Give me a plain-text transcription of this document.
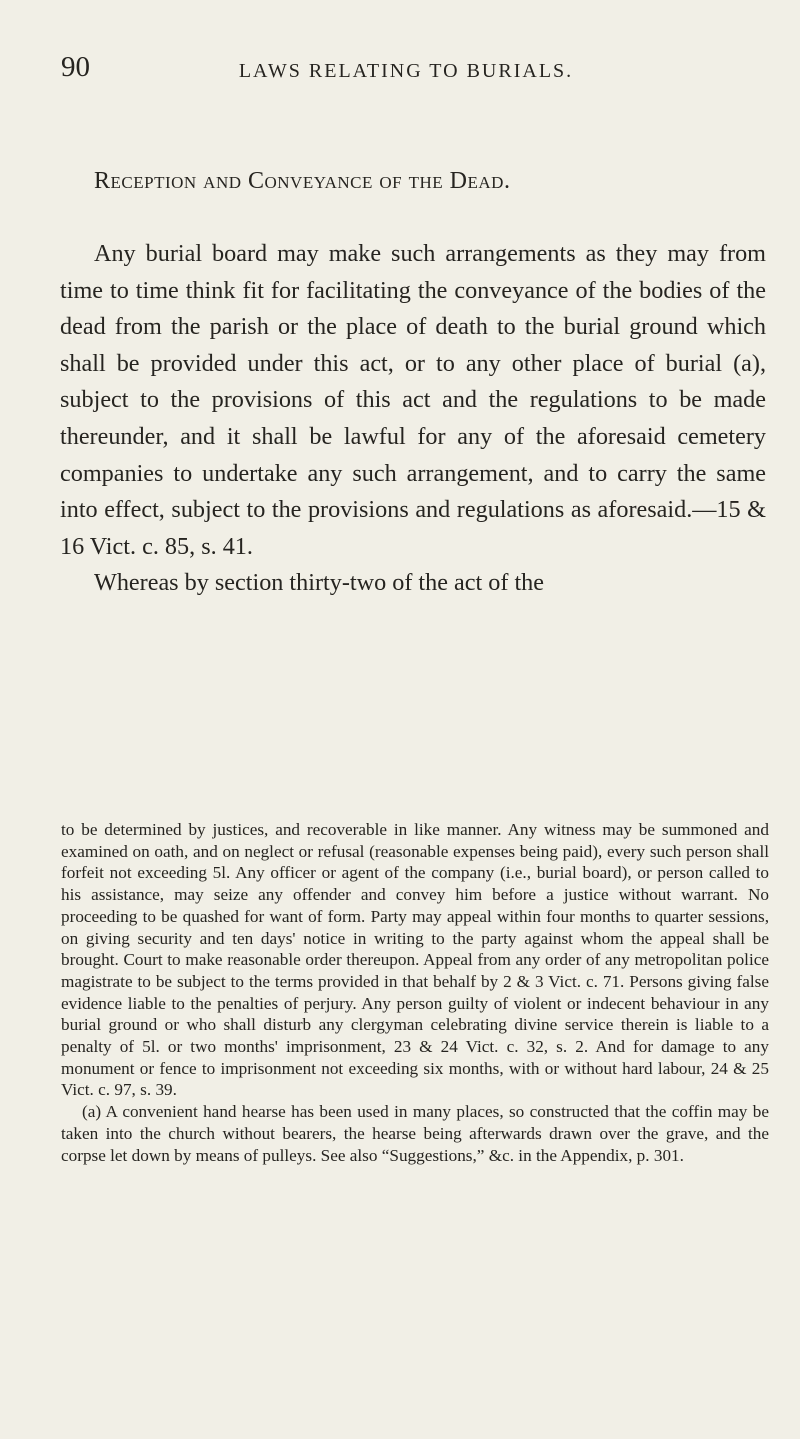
90	LAWS RELATING TO BURIALS.
Reception and Conveyance of the Dead.

Any burial board may make such arrangements as they may from time to time think fit for facilitating the conveyance of the bodies of the dead from the parish or the place of death to the burial ground which shall be provided under this act, or to any other place of burial (a), subject to the provisions of this act and the regulations to be made thereunder, and it shall be lawful for any of the aforesaid cemetery companies to undertake any such arrangement, and to carry the same into effect, subject to the provisions and regulations as aforesaid.—15 & 16 Vict. c. 85, s. 41.

Whereas by section thirty-two of the act of the

to be determined by justices, and recoverable in like manner. Any witness may be summoned and examined on oath, and on neglect or refusal (reasonable expenses being paid), every such person shall forfeit not exceeding 5l. Any officer or agent of the company (i.e., burial board), or person called to his assistance, may seize any offender and convey him before a justice without warrant. No proceeding to be quashed for want of form. Party may appeal within four months to quarter sessions, on giving security and ten days' notice in writing to the party against whom the appeal shall be brought. Court to make reasonable order thereupon. Appeal from any order of any metropolitan police magistrate to be subject to the terms provided in that behalf by 2 & 3 Vict. c. 71. Persons giving false evidence liable to the penalties of perjury. Any person guilty of violent or indecent behaviour in any burial ground or who shall disturb any clergyman celebrating divine service therein is liable to a penalty of 5l. or two months' imprisonment, 23 & 24 Vict. c. 32, s. 2. And for damage to any monument or fence to imprisonment not exceeding six months, with or without hard labour, 24 & 25 Vict. c. 97, s. 39.

(a) A convenient hand hearse has been used in many places, so constructed that the coffin may be taken into the church without bearers, the hearse being afterwards drawn over the grave, and the corpse let down by means of pulleys. See also “Suggestions,” &c. in the Appendix, p. 301.
